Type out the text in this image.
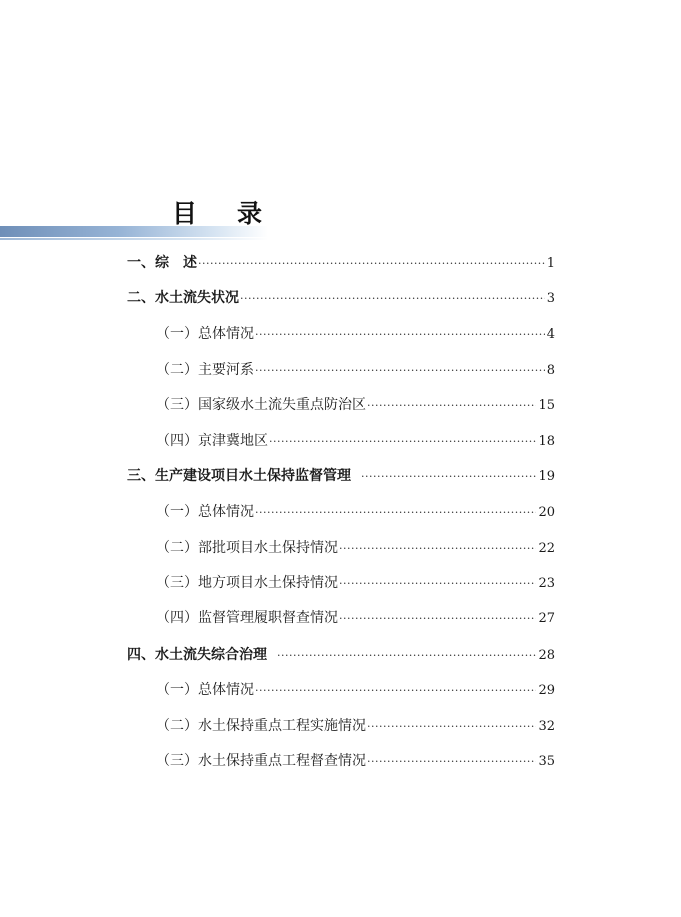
目 录
一、综　述 ·····	1
二、水土流失状况 ·····	3
（一）总体情况 ·····	4
（二）主要河系 ·····	8
（三）国家级水土流失重点防治区 ·····	15
（四）京津冀地区 ·····	18
三、生产建设项目水土保持监督管理 ·····	19
（一）总体情况 ·····	20
（二）部批项目水土保持情况 ·····	22
（三）地方项目水土保持情况 ·····	23
（四）监督管理履职督查情况 ·····	27
四、水土流失综合治理 ·····	28
（一）总体情况 ·····	29
（二）水土保持重点工程实施情况 ·····	32
（三）水土保持重点工程督查情况 ·····	35
